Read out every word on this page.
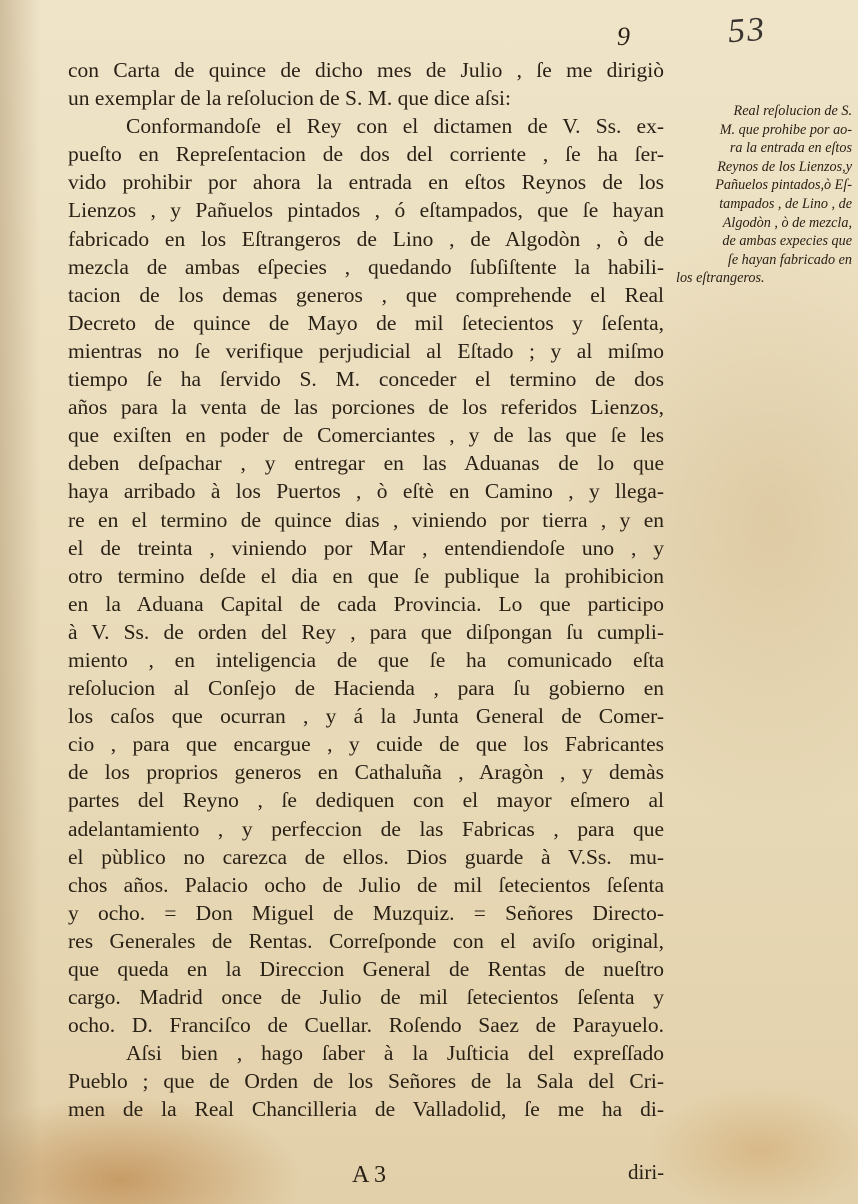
53
9
con Carta de quince de dicho mes de Julio , ſe me dirigiò
un exemplar de la reſolucion de S. M. que dice aſsi:
Conformandoſe el Rey con el dictamen de V. Ss. ex-
pueſto en Repreſentacion de dos del corriente , ſe ha ſer-
vido prohibir por ahora la entrada en eſtos Reynos de los
Lienzos , y Pañuelos pintados , ó eſtampados, que ſe hayan
fabricado en los Eſtrangeros de Lino , de Algodòn , ò de
mezcla de ambas eſpecies , quedando ſubſiſtente la habili-
tacion de los demas generos , que comprehende el Real
Decreto de quince de Mayo de mil ſetecientos y ſeſenta,
mientras no ſe verifique perjudicial al Eſtado ; y al miſmo
tiempo ſe ha ſervido S. M. conceder el termino de dos
años para la venta de las porciones de los referidos Lienzos,
que exiſten en poder de Comerciantes , y de las que ſe les
deben deſpachar , y entregar en las Aduanas de lo que
haya arribado à los Puertos , ò eſtè en Camino , y llega-
re en el termino de quince dias , viniendo por tierra , y en
el de treinta , viniendo por Mar , entendiendoſe uno , y
otro termino deſde el dia en que ſe publique la prohibicion
en la Aduana Capital de cada Provincia. Lo que participo
à V. Ss. de orden del Rey , para que diſpongan ſu cumpli-
miento , en inteligencia de que ſe ha comunicado eſta
reſolucion al Conſejo de Hacienda , para ſu gobierno en
los caſos que ocurran , y á la Junta General de Comer-
cio , para que encargue , y cuide de que los Fabricantes
de los proprios generos en Cathaluña , Aragòn , y demàs
partes del Reyno , ſe dediquen con el mayor eſmero al
adelantamiento , y perfeccion de las Fabricas , para que
el pùblico no carezca de ellos. Dios guarde à V.Ss. mu-
chos años. Palacio ocho de Julio de mil ſetecientos ſeſenta
y ocho. = Don Miguel de Muzquiz. = Señores Directo-
res Generales de Rentas. Correſponde con el aviſo original,
que queda en la Direccion General de Rentas de nueſtro
cargo. Madrid once de Julio de mil ſetecientos ſeſenta y
ocho. D. Franciſco de Cuellar. Roſendo Saez de Parayuelo.
Aſsi bien , hago ſaber à la Juſticia del expreſſado
Pueblo ; que de Orden de los Señores de la Sala del Cri-
men de la Real Chancilleria de Valladolid, ſe me ha di-
Real reſolucion de S.
M. que prohibe por ao-
ra la entrada en eſtos
Reynos de los Lienzos,y
Pañuelos pintados,ò Eſ-
tampados , de Lino , de
Algodòn , ò de mezcla,
de ambas expecies que
ſe hayan fabricado en
los eſtrangeros.

A 3	diri-
